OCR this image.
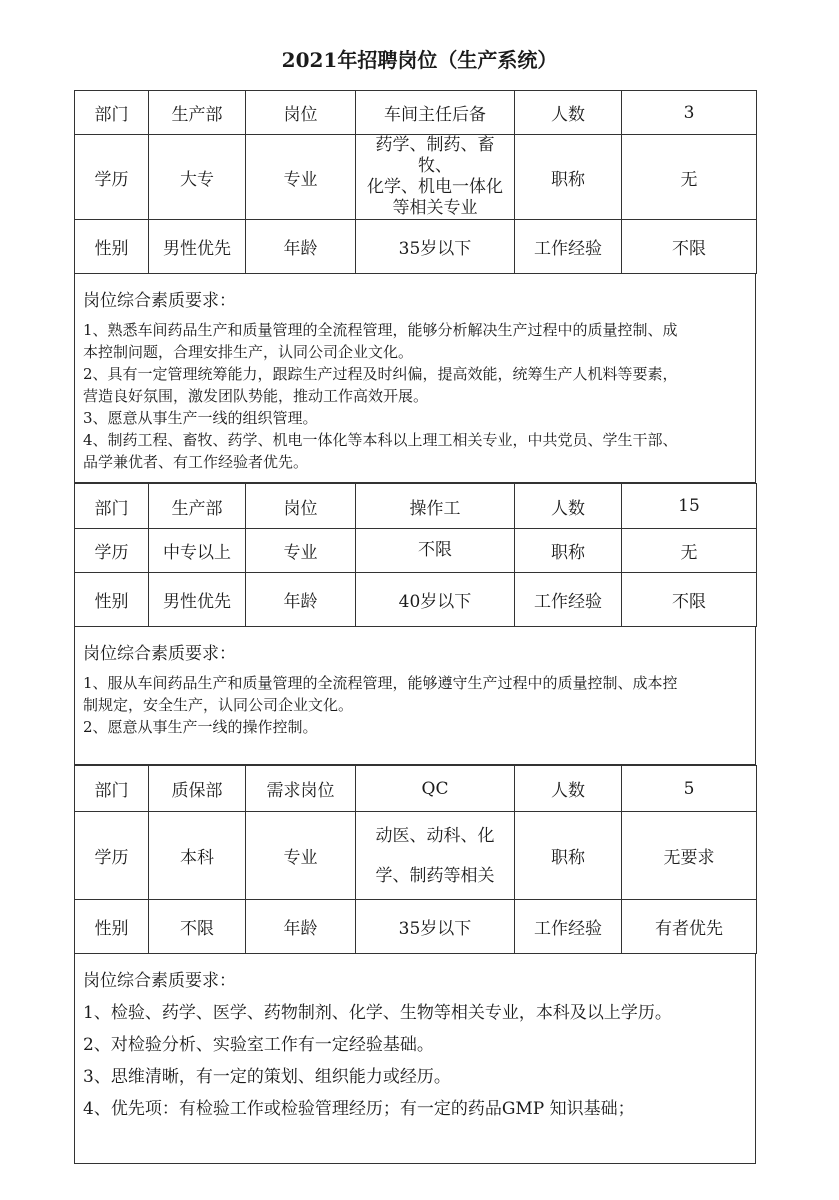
2021年招聘岗位（生产系统）
部门	生产部	岗位	车间主任后备	人数	3
学历	大专	专业	药学、制药、畜牧、
化学、机电一体化
等相关专业	职称	无
性别	男性优先	年龄	35岁以下	工作经验	不限
岗位综合素质要求：

1、熟悉车间药品生产和质量管理的全流程管理，能够分析解决生产过程中的质量控制、成

本控制问题，合理安排生产，认同公司企业文化。

2、具有一定管理统筹能力，跟踪生产过程及时纠偏，提高效能，统筹生产人机料等要素，

营造良好氛围，激发团队势能，推动工作高效开展。

3、愿意从事生产一线的组织管理。

4、制药工程、畜牧、药学、机电一体化等本科以上理工相关专业，中共党员、学生干部、

品学兼优者、有工作经验者优先。

部门	生产部	岗位	操作工	人数	15
学历	中专以上	专业	不限	职称	无
性别	男性优先	年龄	40岁以下	工作经验	不限
岗位综合素质要求：

1、服从车间药品生产和质量管理的全流程管理，能够遵守生产过程中的质量控制、成本控

制规定，安全生产，认同公司企业文化。

2、愿意从事生产一线的操作控制。

部门	质保部	需求岗位	QC	人数	5
学历	本科	专业	动医、动科、化
学、制药等相关	职称	无要求
性别	不限	年龄	35岁以下	工作经验	有者优先
岗位综合素质要求：

1、检验、药学、医学、药物制剂、化学、生物等相关专业，本科及以上学历。

2、对检验分析、实验室工作有一定经验基础。

3、思维清晰，有一定的策划、组织能力或经历。

4、优先项：有检验工作或检验管理经历；有一定的药品GMP 知识基础；
